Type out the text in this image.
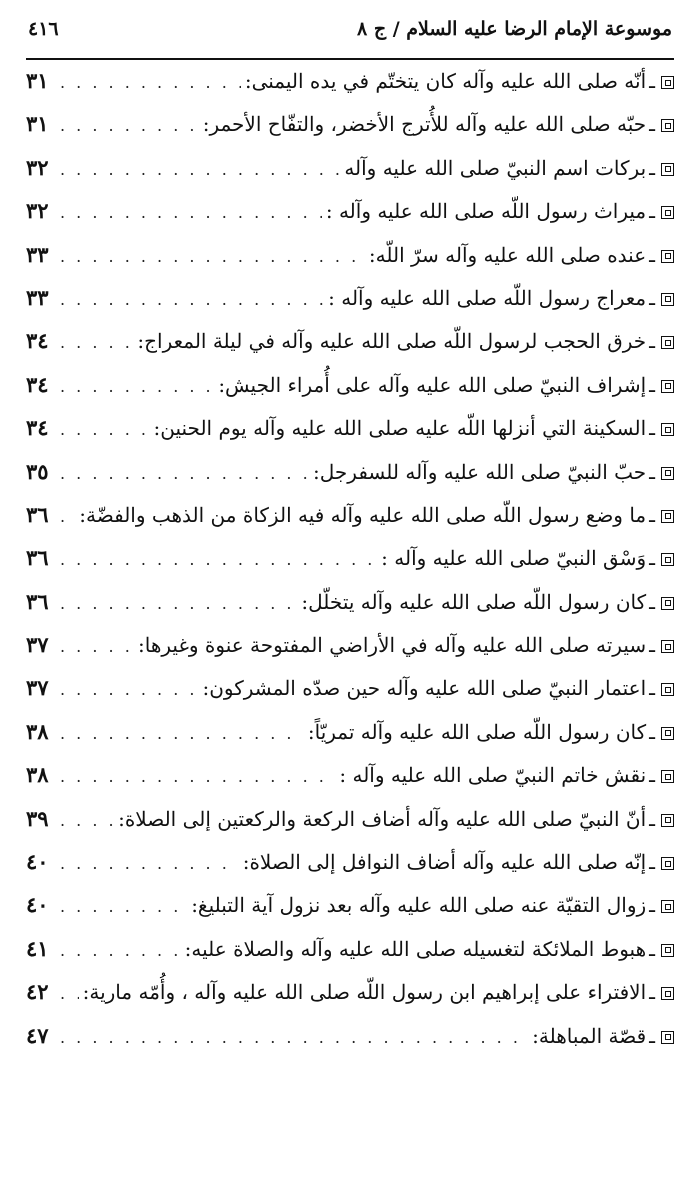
موسوعة الإمام الرضا عليه السلام / ج ٨
٤١٦
ـ
أنّه صلى الله عليه وآله كان يتختّم في يده اليمنى:
. . .
٣١
ـ
حبّه صلى الله عليه وآله للأُترج الأخضر، والتفّاح الأحمر:
. . .
٣١
ـ
بركات اسم النبيّ صلى الله عليه وآله
. . .
٣٢
ـ
ميراث رسول اللّه صلى الله عليه وآله :
. . .
٣٢
ـ
عنده صلى الله عليه وآله سرّ اللّه:
. . .
٣٣
ـ
معراج رسول اللّه صلى الله عليه وآله :
. . .
٣٣
ـ
خرق الحجب لرسول اللّه صلى الله عليه وآله في ليلة المعراج:
. . .
٣٤
ـ
إشراف النبيّ صلى الله عليه وآله على أُمراء الجيش:
. . .
٣٤
ـ
السكينة التي أنزلها اللّه عليه صلى الله عليه وآله يوم الحنين:
. . .
٣٤
ـ
حبّ النبيّ صلى الله عليه وآله للسفرجل:
. . .
٣٥
ـ
ما وضع رسول اللّه صلى الله عليه وآله فيه الزكاة من الذهب والفضّة:
. . .
٣٦
ـ
وَسْق النبيّ صلى الله عليه وآله :
. . .
٣٦
ـ
كان رسول اللّه صلى الله عليه وآله يتخلّل:
. . .
٣٦
ـ
سيرته صلى الله عليه وآله في الأراضي المفتوحة عنوة وغيرها:
. . .
٣٧
ـ
اعتمار النبيّ صلى الله عليه وآله حين صدّه المشركون:
. . .
٣٧
ـ
كان رسول اللّه صلى الله عليه وآله تمريّاً:
. . .
٣٨
ـ
نقش خاتم النبيّ صلى الله عليه وآله :
. . .
٣٨
ـ
أنّ النبيّ صلى الله عليه وآله أضاف الركعة والركعتين إلى الصلاة:
. . .
٣٩
ـ
إنّه صلى الله عليه وآله أضاف النوافل إلى الصلاة:
. . .
٤٠
ـ
زوال التقيّة عنه صلى الله عليه وآله بعد نزول آية التبليغ:
. . .
٤٠
ـ
هبوط الملائكة لتغسيله صلى الله عليه وآله والصلاة عليه:
. . .
٤١
ـ
الافتراء على إبراهيم ابن رسول اللّه صلى الله عليه وآله ، وأُمّه مارية:
. . .
٤٢
ـ
قصّة المباهلة:
. . .
٤٧
